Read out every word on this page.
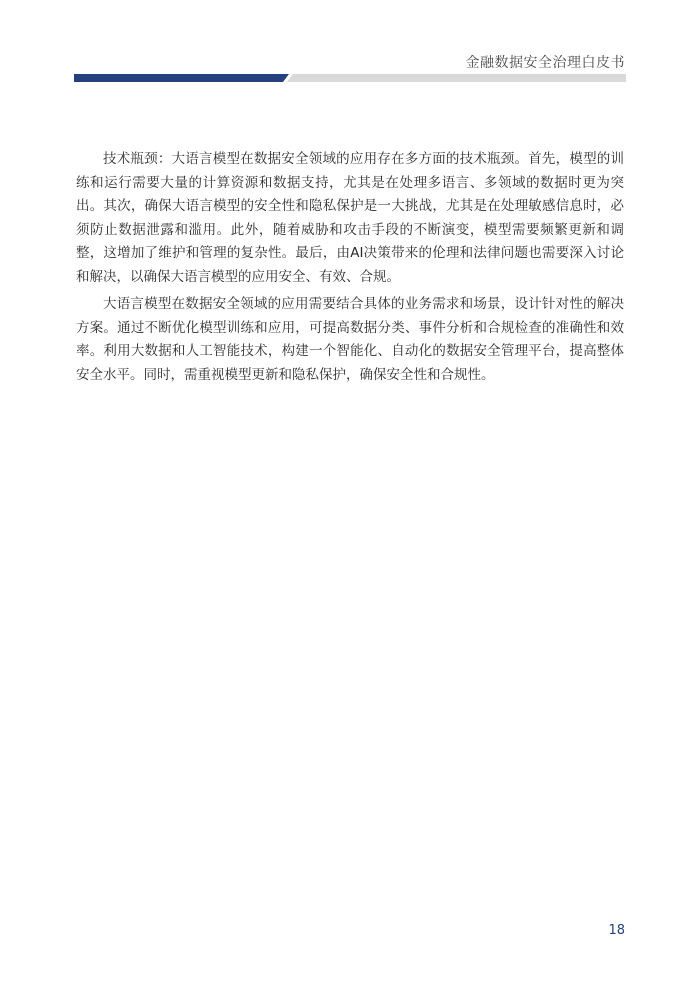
金融数据安全治理白皮书

技术瓶颈：大语言模型在数据安全领域的应用存在多方面的技术瓶颈。首先，模型的训练和运行需要大量的计算资源和数据支持，尤其是在处理多语言、多领域的数据时更为突出。其次，确保大语言模型的安全性和隐私保护是一大挑战，尤其是在处理敏感信息时，必须防止数据泄露和滥用。此外，随着威胁和攻击手段的不断演变，模型需要频繁更新和调整，这增加了维护和管理的复杂性。最后，由AI决策带来的伦理和法律问题也需要深入讨论和解决，以确保大语言模型的应用安全、有效、合规。

大语言模型在数据安全领域的应用需要结合具体的业务需求和场景，设计针对性的解决方案。通过不断优化模型训练和应用，可提高数据分类、事件分析和合规检查的准确性和效率。利用大数据和人工智能技术，构建一个智能化、自动化的数据安全管理平台，提高整体安全水平。同时，需重视模型更新和隐私保护，确保安全性和合规性。

18
